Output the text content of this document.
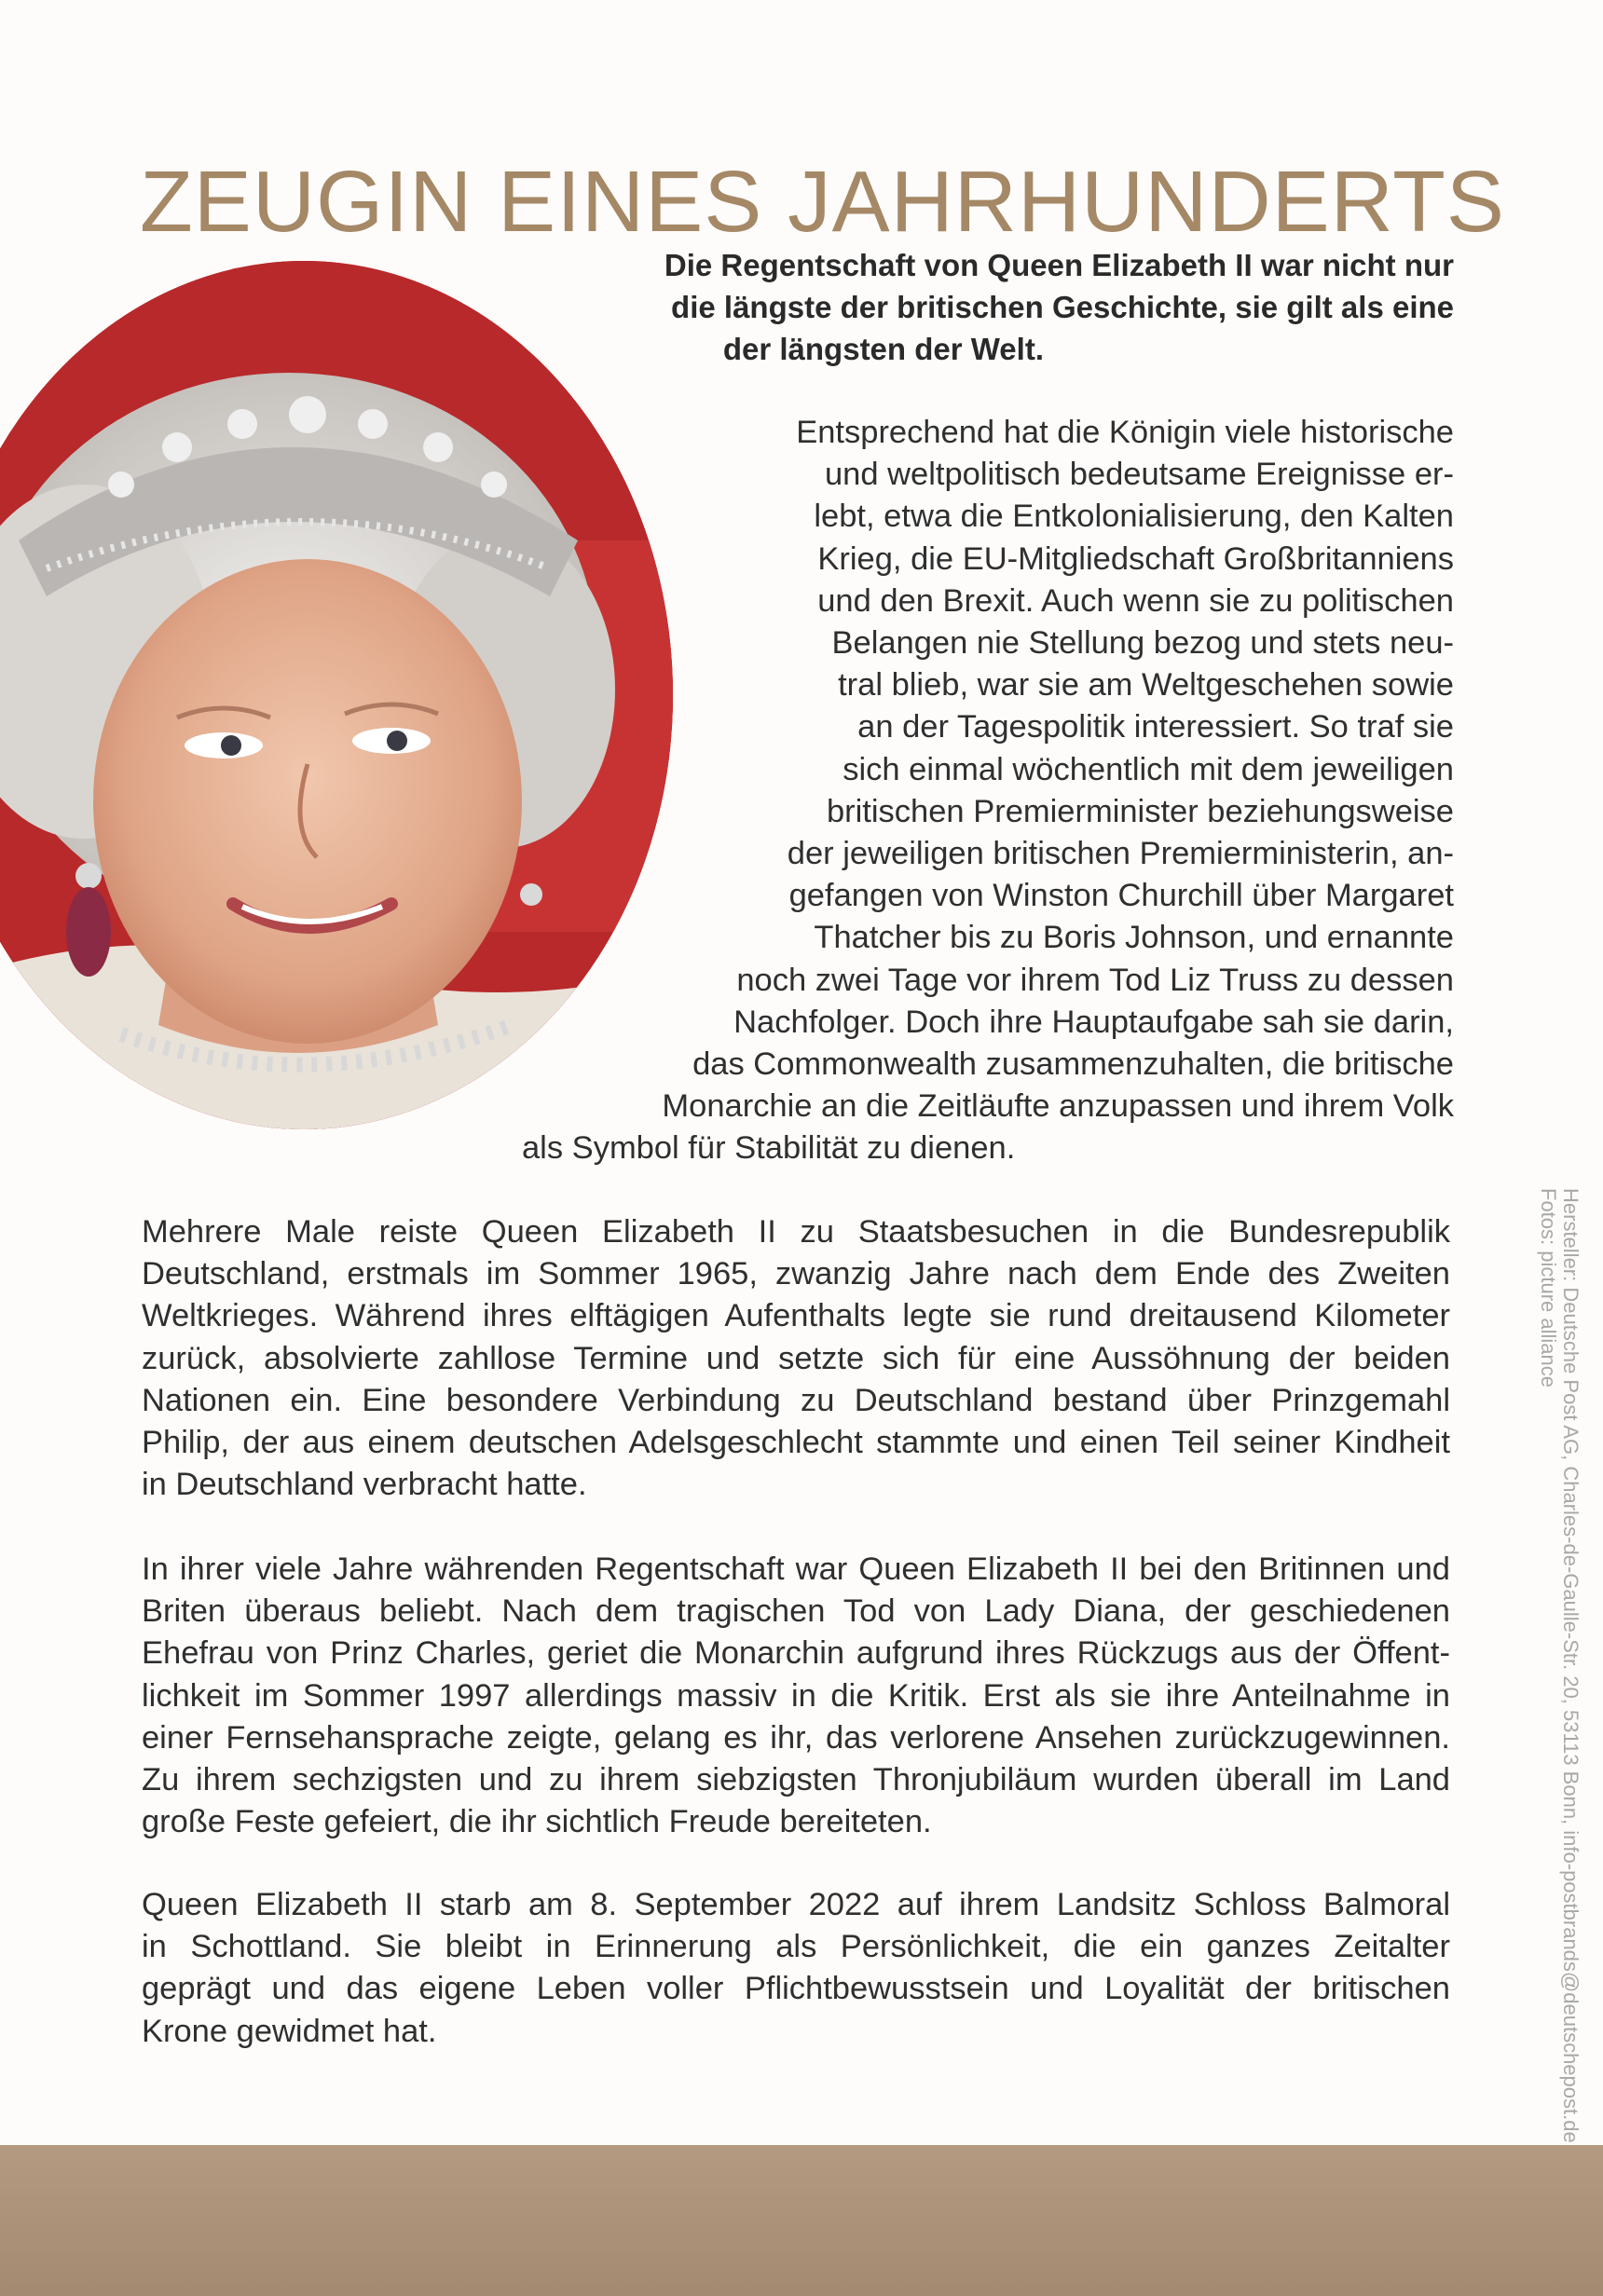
ZEUGIN EINES JAHRHUNDERTS
Die Regentschaft von Queen Elizabeth II war nicht nur
die längste der britischen Geschichte, sie gilt als eine
der längsten der Welt.
Entsprechend hat die Königin viele historische
und weltpolitisch bedeutsame Ereignisse er-
lebt, etwa die Entkolonialisierung, den Kalten
Krieg, die EU-Mitgliedschaft Großbritanniens
und den Brexit. Auch wenn sie zu politischen
Belangen nie Stellung bezog und stets neu-
tral blieb, war sie am Weltgeschehen sowie
an der Tagespolitik interessiert. So traf sie
sich einmal wöchentlich mit dem jeweiligen
britischen Premierminister beziehungsweise
der jeweiligen britischen Premierministerin, an-
gefangen von Winston Churchill über Margaret
Thatcher bis zu Boris Johnson, und ernannte
noch zwei Tage vor ihrem Tod Liz Truss zu dessen
Nachfolger. Doch ihre Hauptaufgabe sah sie darin,
das Commonwealth zusammenzuhalten, die britische
Monarchie an die Zeitläufte anzupassen und ihrem Volk
als Symbol für Stabilität zu dienen.
Mehrere Male reiste Queen Elizabeth II zu Staatsbesuchen in die Bundesrepublik
Deutschland, erstmals im Sommer 1965, zwanzig Jahre nach dem Ende des Zweiten
Weltkrieges. Während ihres elftägigen Aufenthalts legte sie rund dreitausend Kilometer
zurück, absolvierte zahllose Termine und setzte sich für eine Aussöhnung der beiden
Nationen ein. Eine besondere Verbindung zu Deutschland bestand über Prinzgemahl
Philip, der aus einem deutschen Adelsgeschlecht stammte und einen Teil seiner Kindheit
in Deutschland verbracht hatte.
In ihrer viele Jahre währenden Regentschaft war Queen Elizabeth II bei den Britinnen und
Briten überaus beliebt. Nach dem tragischen Tod von Lady Diana, der geschiedenen
Ehefrau von Prinz Charles, geriet die Monarchin aufgrund ihres Rückzugs aus der Öffent-
lichkeit im Sommer 1997 allerdings massiv in die Kritik. Erst als sie ihre Anteilnahme in
einer Fernsehansprache zeigte, gelang es ihr, das verlorene Ansehen zurückzugewinnen.
Zu ihrem sechzigsten und zu ihrem siebzigsten Thronjubiläum wurden überall im Land
große Feste gefeiert, die ihr sichtlich Freude bereiteten.
Queen Elizabeth II starb am 8. September 2022 auf ihrem Landsitz Schloss Balmoral
in Schottland. Sie bleibt in Erinnerung als Persönlichkeit, die ein ganzes Zeitalter
geprägt und das eigene Leben voller Pflichtbewusstsein und Loyalität der britischen
Krone gewidmet hat.	Hersteller: Deutsche Post AG, Charles-de-Gaulle-Str. 20, 53113 Bonn, info-postbrands@deutschepost.de
Fotos: picture alliance
